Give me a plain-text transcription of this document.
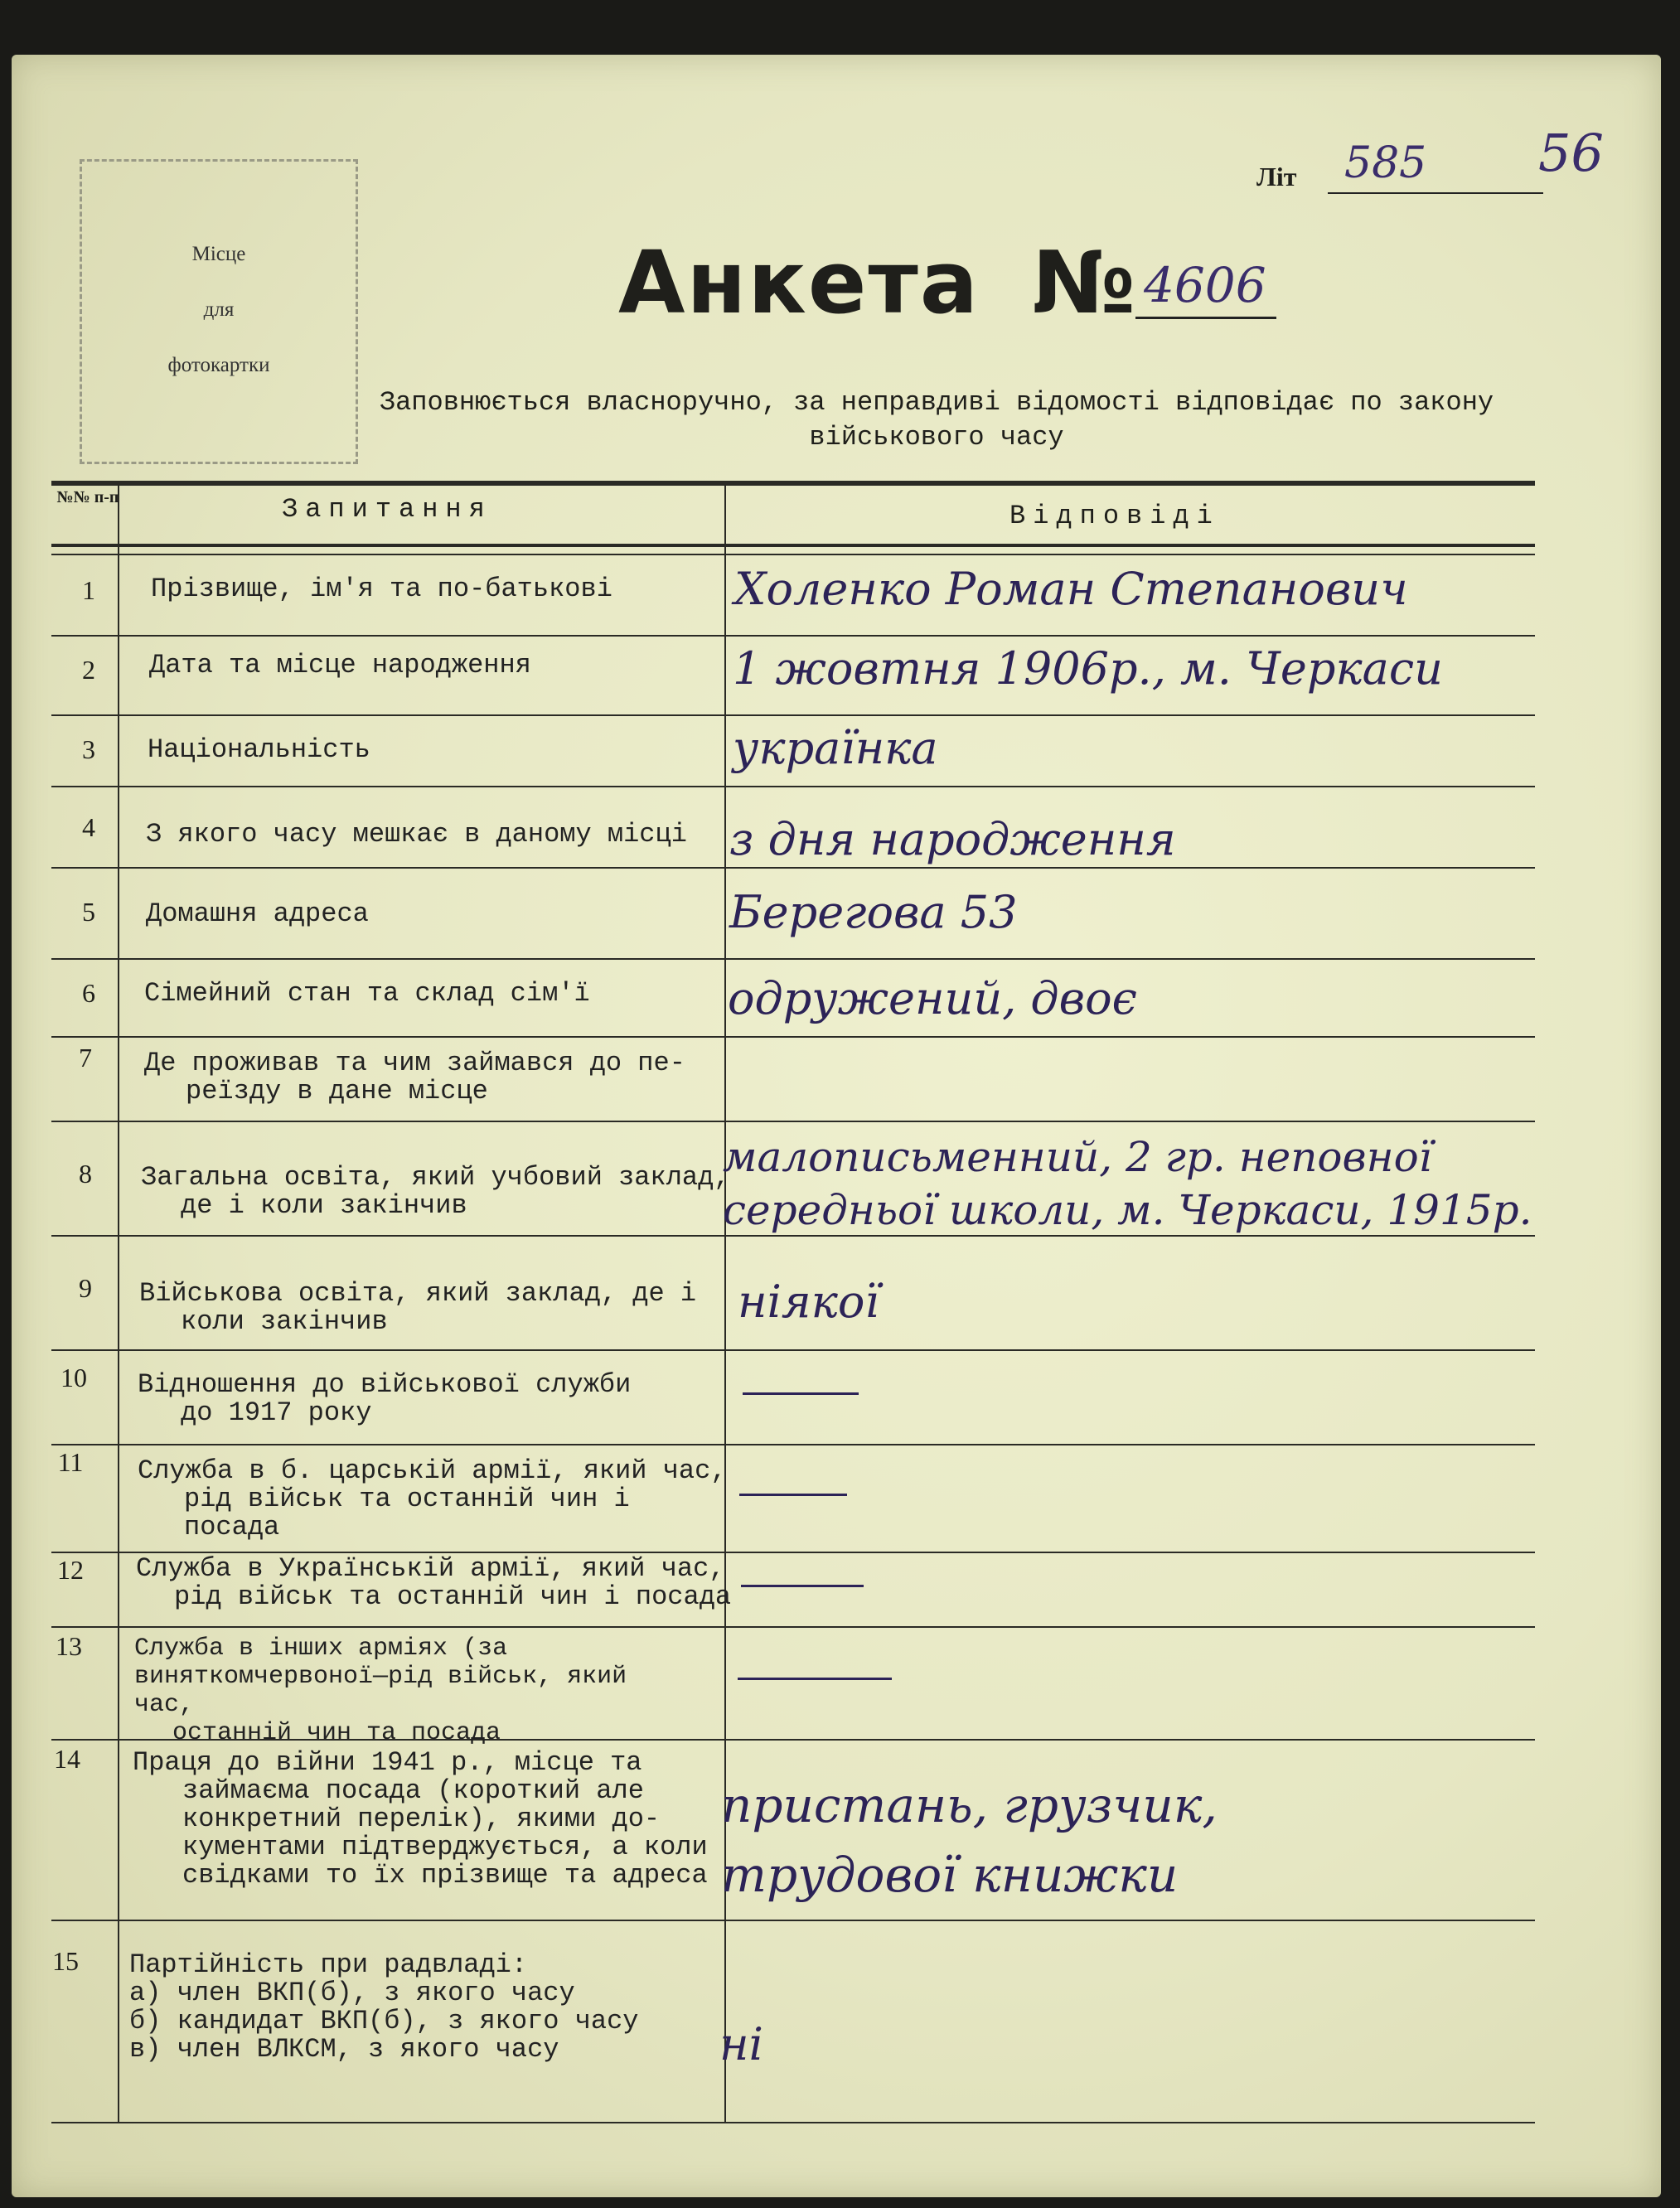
Місце
для
фотокартки
Літ 585 56
Анкета № 4606
Заповнюється власноручно, за неправдиві відомості відповідає по закону
військового часу
№№ п-п	Запитання	Відповіді
1
2
3
4
5
6
7
8
9
10
11
12
13
14
15
Прізвище, ім'я та по-батькові
Дата та місце народження
Національність
З якого часу мешкає в даному місці
Домашня адреса
Сімейний стан та склад сім'ї
Де проживав та чим займався до пе-
реїзду в дане місце
Загальна освіта, який учбовий заклад,
де і коли закінчив
Військова освіта, який заклад, де і
коли закінчив
Відношення до військової служби
до 1917 року
Служба в б. царській армії, який час,
рід військ та останній чин і
посада
Служба в Українській армії, який час,
рід військ та останній чин і посада
Служба в інших арміях (за виняткомчервоної—рід військ, який час,
останній чин та посада
Праця до війни 1941 р., місце та
займаєма посада (короткий але
конкретний перелік), якими до-
кументами підтверджується, а коли
свідками то їх прізвище та адреса
Партійність при радвладі:
а) член ВКП(б), з якого часу
б) кандидат ВКП(б), з якого часу
в) член ВЛКСМ, з якого часу
Холенко Роман Степанович
1 жовтня 1906р., м. Черкаси
українка
з дня народження
Берегова 53
одружений, двоє
малописьменний, 2 гр. неповної
середньої школи, м. Черкаси, 1915р.
ніякої
пристань, грузчик,
трудової книжки
ні
